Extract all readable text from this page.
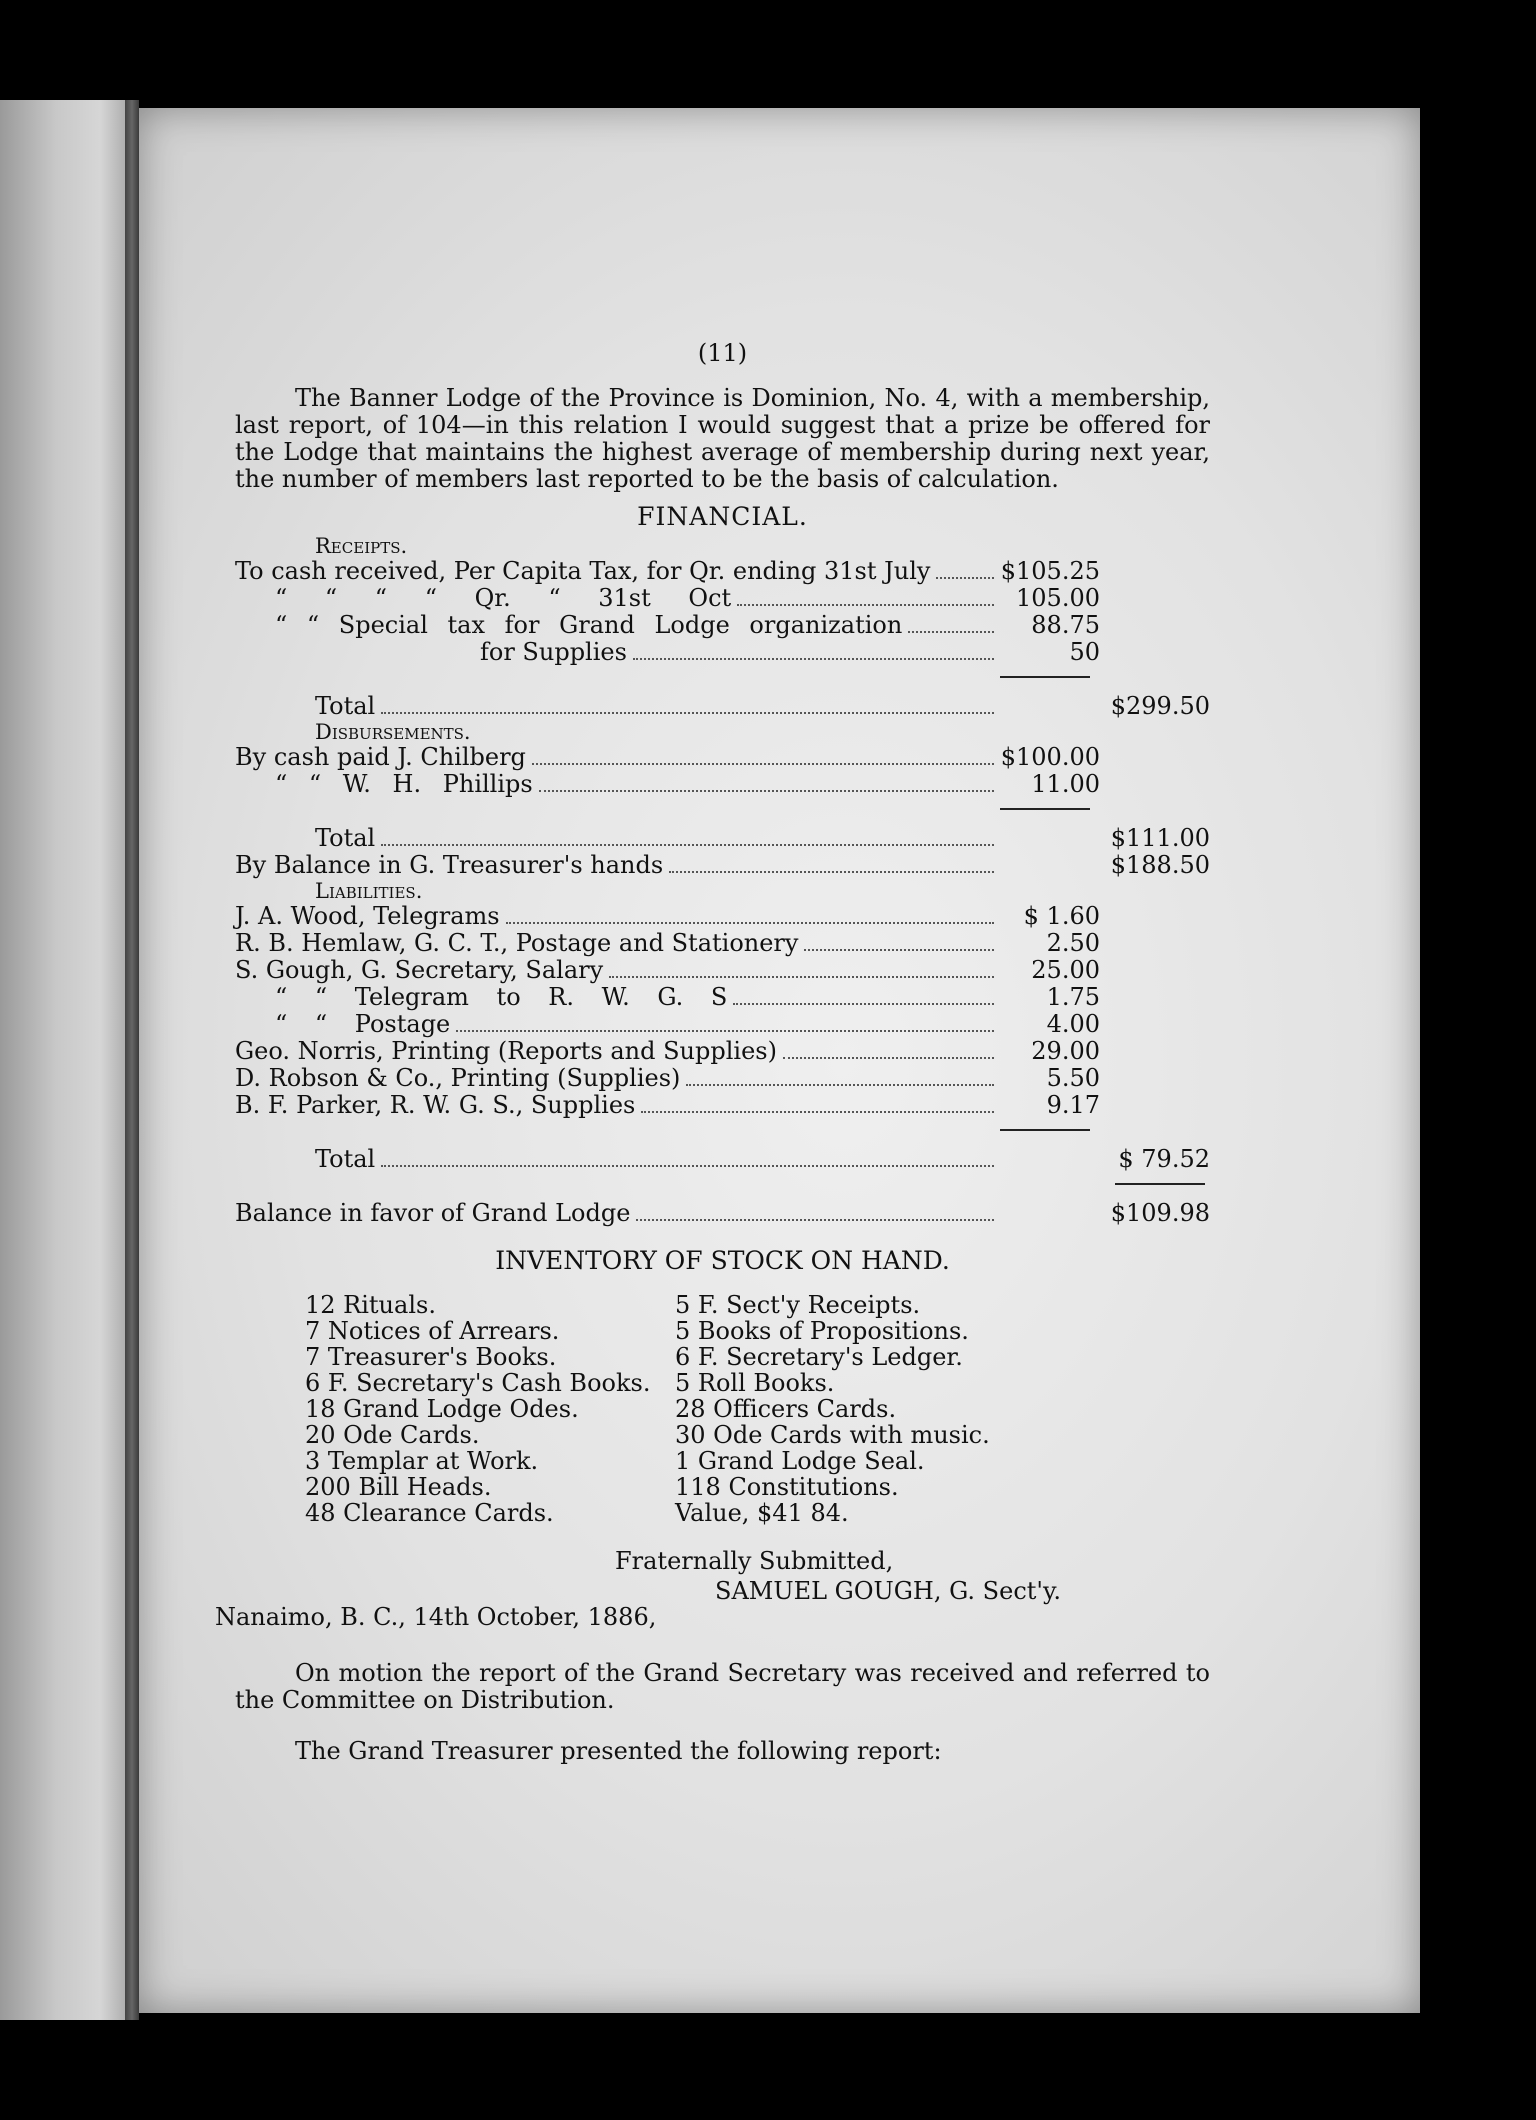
(11)

The Banner Lodge of the Province is Dominion, No. 4, with a membership, last report, of 104—in this relation I would suggest that a prize be offered for the Lodge that maintains the highest average of membership during next year, the number of members last reported to be the basis of calculation.

FINANCIAL.
Receipts.
To cash received, Per Capita Tax, for Qr. ending 31st July	$105.25
“ “ “ “ Qr. “ 31st Oct	105.00
“ “ Special tax for Grand Lodge organization	88.75
for Supplies	50
Total	$299.50
Disbursements.
By cash paid J. Chilberg	$100.00
“ “ W. H. Phillips	11.00
Total	$111.00
By Balance in G. Treasurer's hands	$188.50
Liabilities.
J. A. Wood, Telegrams	$ 1.60
R. B. Hemlaw, G. C. T., Postage and Stationery	2.50
S. Gough, G. Secretary, Salary	25.00
“ “ Telegram to R. W. G. S	1.75
“ “ Postage	4.00
Geo. Norris, Printing (Reports and Supplies)	29.00
D. Robson & Co., Printing (Supplies)	5.50
B. F. Parker, R. W. G. S., Supplies	9.17
Total	$ 79.52
Balance in favor of Grand Lodge	$109.98
INVENTORY OF STOCK ON HAND.
12 Rituals.
7 Notices of Arrears.
7 Treasurer's Books.
6 F. Secretary's Cash Books.
18 Grand Lodge Odes.
20 Ode Cards.
3 Templar at Work.
200 Bill Heads.
48 Clearance Cards.
5 F. Sect'y Receipts.
5 Books of Propositions.
6 F. Secretary's Ledger.
5 Roll Books.
28 Officers Cards.
30 Ode Cards with music.
1 Grand Lodge Seal.
118 Constitutions.
Value, $41 84.
Fraternally Submitted,
SAMUEL GOUGH, G. Sect'y.
Nanaimo, B. C., 14th October, 1886,

On motion the report of the Grand Secretary was received and referred to the Committee on Distribution.

The Grand Treasurer presented the following report:
